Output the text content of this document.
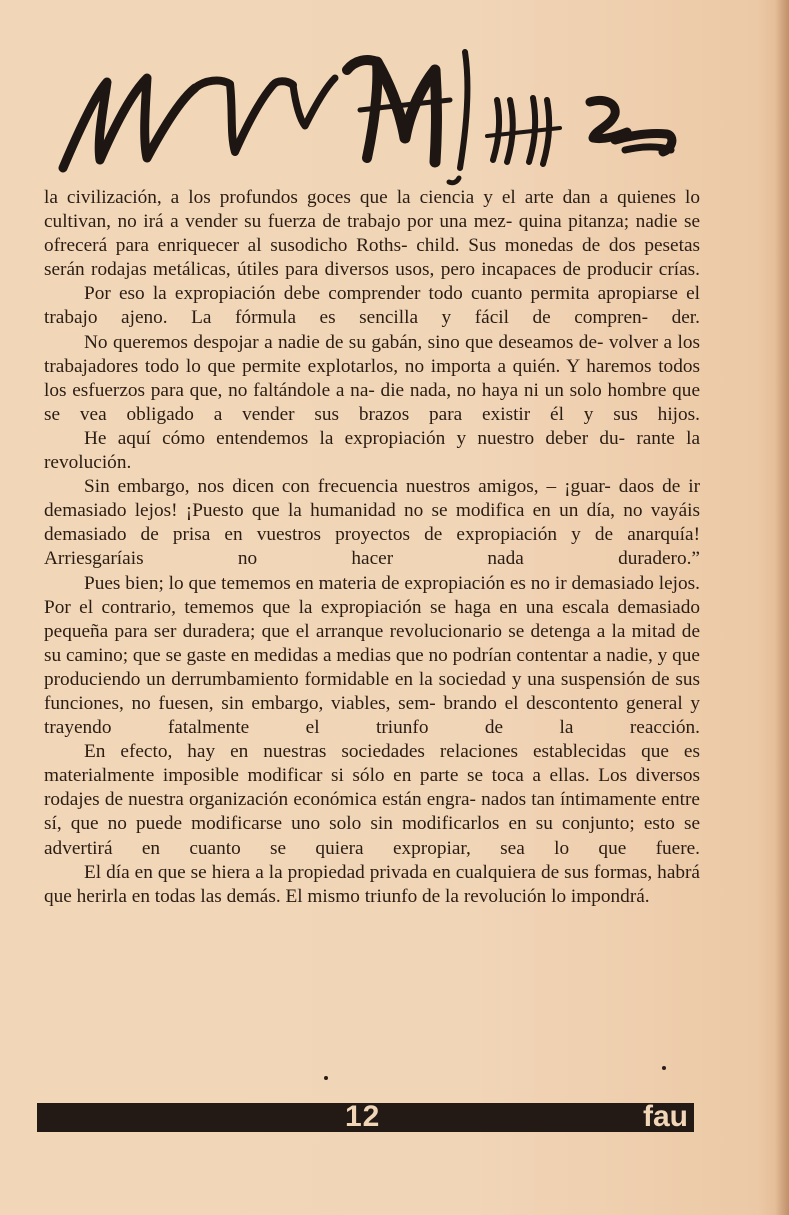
la civilización, a los profundos goces que la ciencia y el arte dan a quienes lo cultivan, no irá a vender su fuerza de trabajo por una mez- quina pitanza; nadie se ofrecerá para enriquecer al susodicho Roths- child. Sus monedas de dos pesetas serán rodajas metálicas, útiles para diversos usos, pero incapaces de producir crías.

Por eso la expropiación debe comprender todo cuanto permita apropiarse el trabajo ajeno. La fórmula es sencilla y fácil de compren- der.

No queremos despojar a nadie de su gabán, sino que deseamos de- volver a los trabajadores todo lo que permite explotarlos, no importa a quién. Y haremos todos los esfuerzos para que, no faltándole a na- die nada, no haya ni un solo hombre que se vea obligado a vender sus brazos para existir él y sus hijos.

He aquí cómo entendemos la expropiación y nuestro deber du- rante la revolución.

Sin embargo, nos dicen con frecuencia nuestros amigos, – ¡guar- daos de ir demasiado lejos! ¡Puesto que la humanidad no se modifica en un día, no vayáis demasiado de prisa en vuestros proyectos de expropiación y de anarquía! Arriesgaríais no hacer nada duradero.”

Pues bien; lo que tememos en materia de expropiación es no ir demasiado lejos. Por el contrario, tememos que la expropiación se haga en una escala demasiado pequeña para ser duradera; que el arranque revolucionario se detenga a la mitad de su camino; que se gaste en medidas a medias que no podrían contentar a nadie, y que produciendo un derrumbamiento formidable en la sociedad y una suspensión de sus funciones, no fuesen, sin embargo, viables, sem- brando el descontento general y trayendo fatalmente el triunfo de	la reacción.

En efecto, hay en nuestras sociedades relaciones establecidas que es materialmente imposible modificar si sólo en parte se toca a ellas. Los diversos rodajes de nuestra organización económica están engra- nados tan íntimamente entre sí, que no puede modificarse uno solo sin modificarlos en su conjunto; esto se advertirá en cuanto se quiera expropiar, sea lo que fuere.

El día en que se hiera a la propiedad privada en cualquiera de sus formas, habrá que herirla en todas las demás. El mismo triunfo de la revolución lo impondrá.

12	fau
